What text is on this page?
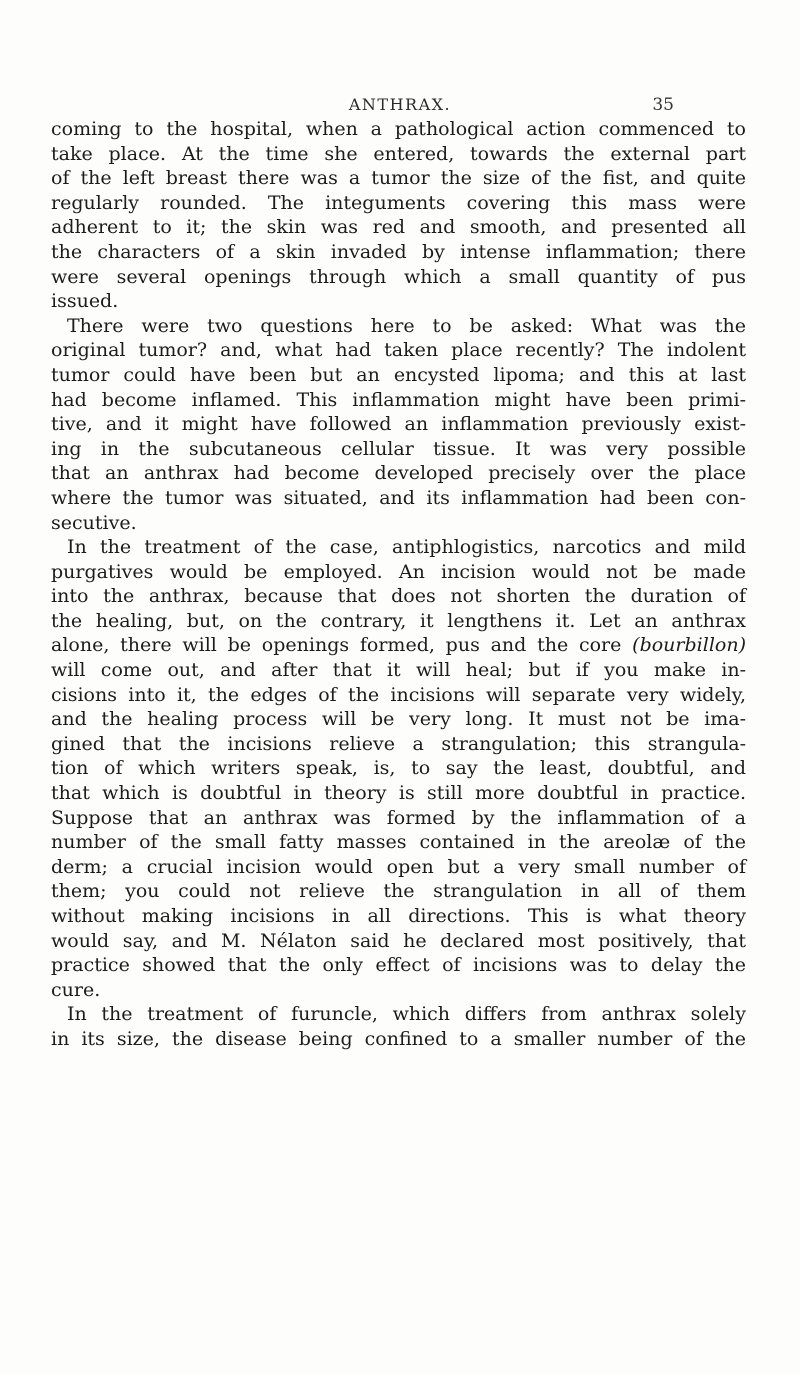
ANTHRAX.	35
coming to the hospital, when a pathological action commenced to
take place. At the time she entered, towards the external part
of the left breast there was a tumor the size of the fist, and quite
regularly rounded. The integuments covering this mass were
adherent to it; the skin was red and smooth, and presented all
the characters of a skin invaded by intense inflammation; there
were several openings through which a small quantity of pus
issued.
There were two questions here to be asked: What was the
original tumor? and, what had taken place recently? The indolent
tumor could have been but an encysted lipoma; and this at last
had become inflamed. This inflammation might have been primi-
tive, and it might have followed an inflammation previously exist-
ing in the subcutaneous cellular tissue. It was very possible
that an anthrax had become developed precisely over the place
where the tumor was situated, and its inflammation had been con-
secutive.
In the treatment of the case, antiphlogistics, narcotics and mild
purgatives would be employed. An incision would not be made
into the anthrax, because that does not shorten the duration of
the healing, but, on the contrary, it lengthens it. Let an anthrax
alone, there will be openings formed, pus and the core (bourbillon)
will come out, and after that it will heal; but if you make in-
cisions into it, the edges of the incisions will separate very widely,
and the healing process will be very long. It must not be ima-
gined that the incisions relieve a strangulation; this strangula-
tion of which writers speak, is, to say the least, doubtful, and
that which is doubtful in theory is still more doubtful in practice.
Suppose that an anthrax was formed by the inflammation of a
number of the small fatty masses contained in the areolæ of the
derm; a crucial incision would open but a very small number of
them; you could not relieve the strangulation in all of them
without making incisions in all directions. This is what theory
would say, and M. Nélaton said he declared most positively, that
practice showed that the only effect of incisions was to delay the
cure.
In the treatment of furuncle, which differs from anthrax solely
in its size, the disease being confined to a smaller number of the
